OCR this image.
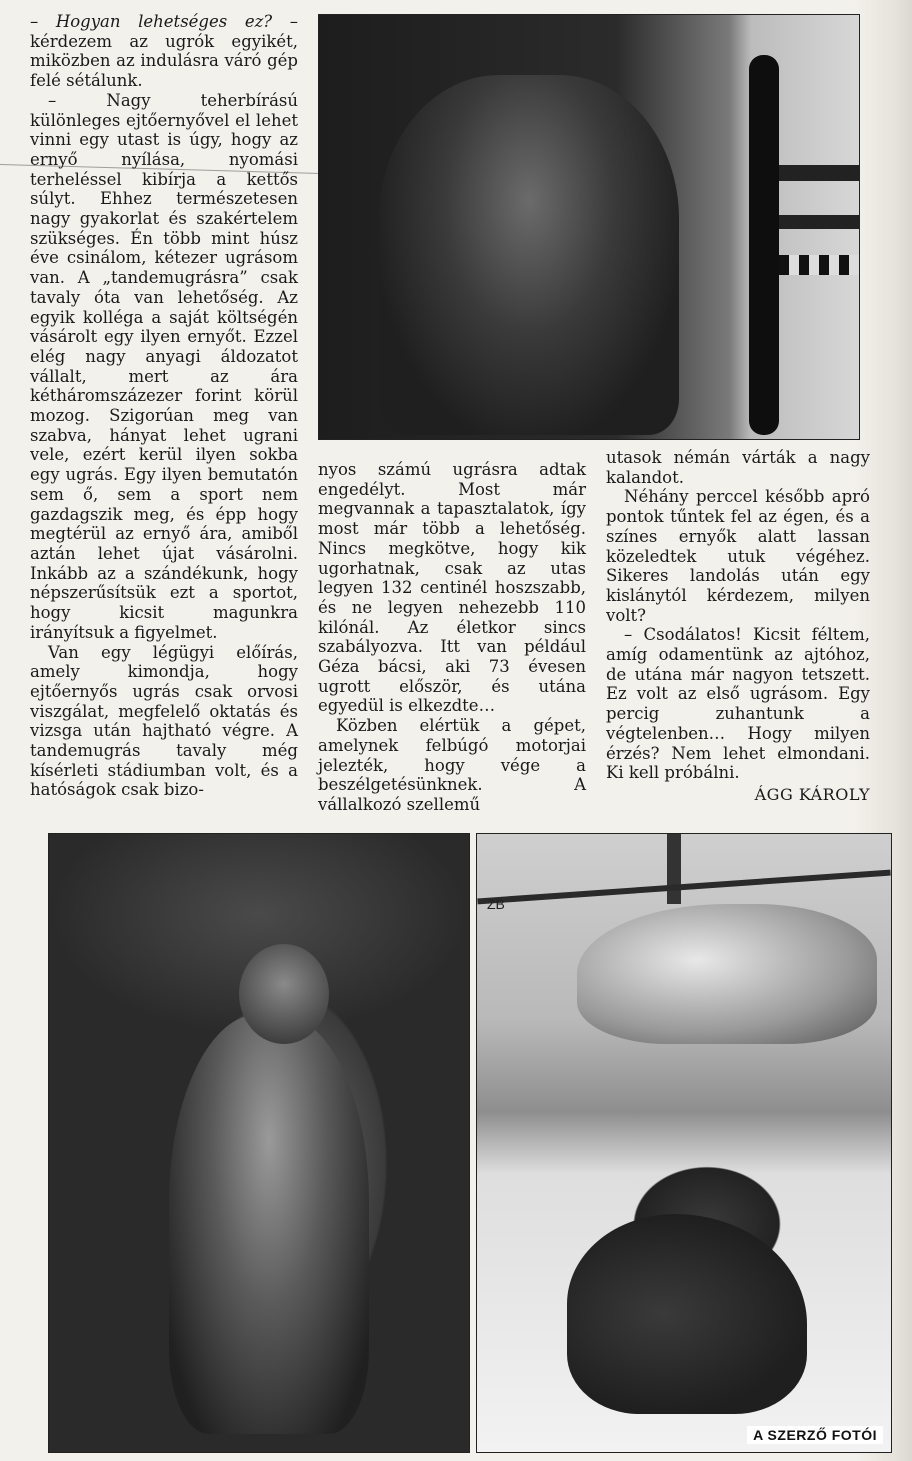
– Hogyan lehetséges ez? – kérdezem az ugrók egyikét, miközben az indulásra váró gép felé sétálunk.

– Nagy teherbírású különleges ejtőernyővel el lehet vinni egy utast is úgy, hogy az ernyő nyílása, nyomási terheléssel kibírja a kettős súlyt. Ehhez természetesen nagy gyakorlat és szakértelem szükséges. Én több mint húsz éve csinálom, kétezer ugrásom van. A „tandemugrásra” csak tavaly óta van lehetőség. Az egyik kolléga a saját költségén vásárolt egy ilyen ernyőt. Ezzel elég nagy anyagi áldozatot vállalt, mert az ára kétháromszázezer forint körül mozog. Szigorúan meg van szabva, hányat lehet ugrani vele, ezért kerül ilyen sokba egy ugrás. Egy ilyen bemutatón sem ő, sem a sport nem gazdagszik meg, és épp hogy megtérül az ernyő ára, amiből aztán lehet újat vásárolni. Inkább az a szándékunk, hogy népszerűsítsük ezt a sportot, hogy kicsit magunkra irányítsuk a figyelmet.

Van egy légügyi előírás, amely kimondja, hogy ejtőernyős ugrás csak orvosi viszgálat, megfelelő oktatás és vizsga után hajtható végre. A tandemugrás tavaly még kísérleti stádiumban volt, és a hatóságok csak bizo-

nyos számú ugrásra adtak engedélyt. Most már megvannak a tapasztalatok, így most már több a lehetőség. Nincs megkötve, hogy kik ugorhatnak, csak az utas legyen 132 centinél hoszszabb, és ne legyen nehezebb 110 kilónál. Az életkor sincs szabályozva. Itt van például Géza bácsi, aki 73 évesen ugrott először, és utána egyedül is elkezdte…

Közben elértük a gépet, amelynek felbúgó motorjai jelezték, hogy vége a beszélgetésünknek. A vállalkozó szellemű

utasok némán várták a nagy kalandot.

Néhány perccel később apró pontok tűntek fel az égen, és a színes ernyők alatt lassan közeledtek utuk végéhez. Sikeres landolás után egy kislánytól kérdezem, milyen volt?

– Csodálatos! Kicsit féltem, amíg odamentünk az ajtóhoz, de utána már nagyon tetszett. Ez volt az első ugrásom. Egy percig zuhantunk a végtelenben… Hogy milyen érzés? Nem lehet elmondani. Ki kell próbálni.

ÁGG KÁROLY
ZB
A SZERZŐ FOTÓI
